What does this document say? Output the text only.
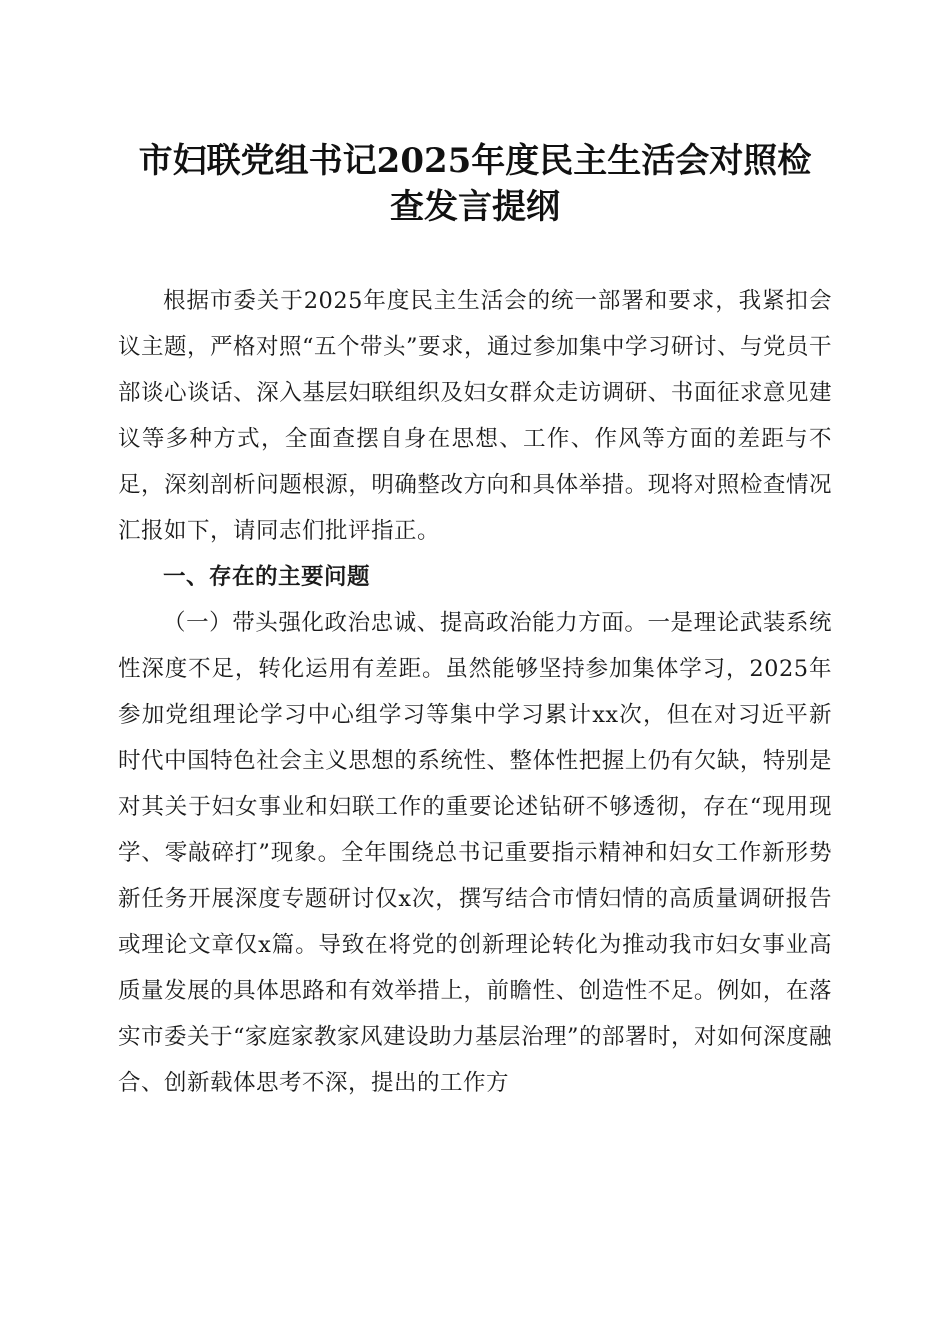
市妇联党组书记2025年度民主生活会对照检
查发言提纲

根据市委关于2025年度民主生活会的统一部署和要求，我紧扣会议主题，严格对照“五个带头”要求，通过参加集中学习研讨、与党员干部谈心谈话、深入基层妇联组织及妇女群众走访调研、书面征求意见建议等多种方式，全面查摆自身在思想、工作、作风等方面的差距与不足，深刻剖析问题根源，明确整改方向和具体举措。现将对照检查情况汇报如下，请同志们批评指正。

一、存在的主要问题

（一）带头强化政治忠诚、提高政治能力方面。一是理论武装系统性深度不足，转化运用有差距。虽然能够坚持参加集体学习，2025年参加党组理论学习中心组学习等集中学习累计xx次，但在对习近平新时代中国特色社会主义思想的系统性、整体性把握上仍有欠缺，特别是对其关于妇女事业和妇联工作的重要论述钻研不够透彻，存在“现用现学、零敲碎打”现象。全年围绕总书记重要指示精神和妇女工作新形势新任务开展深度专题研讨仅x次，撰写结合市情妇情的高质量调研报告或理论文章仅x篇。导致在将党的创新理论转化为推动我市妇女事业高质量发展的具体思路和有效举措上，前瞻性、创造性不足。例如，在落实市委关于“家庭家教家风建设助力基层治理”的部署时，对如何深度融合、创新载体思考不深，提出的工作方
